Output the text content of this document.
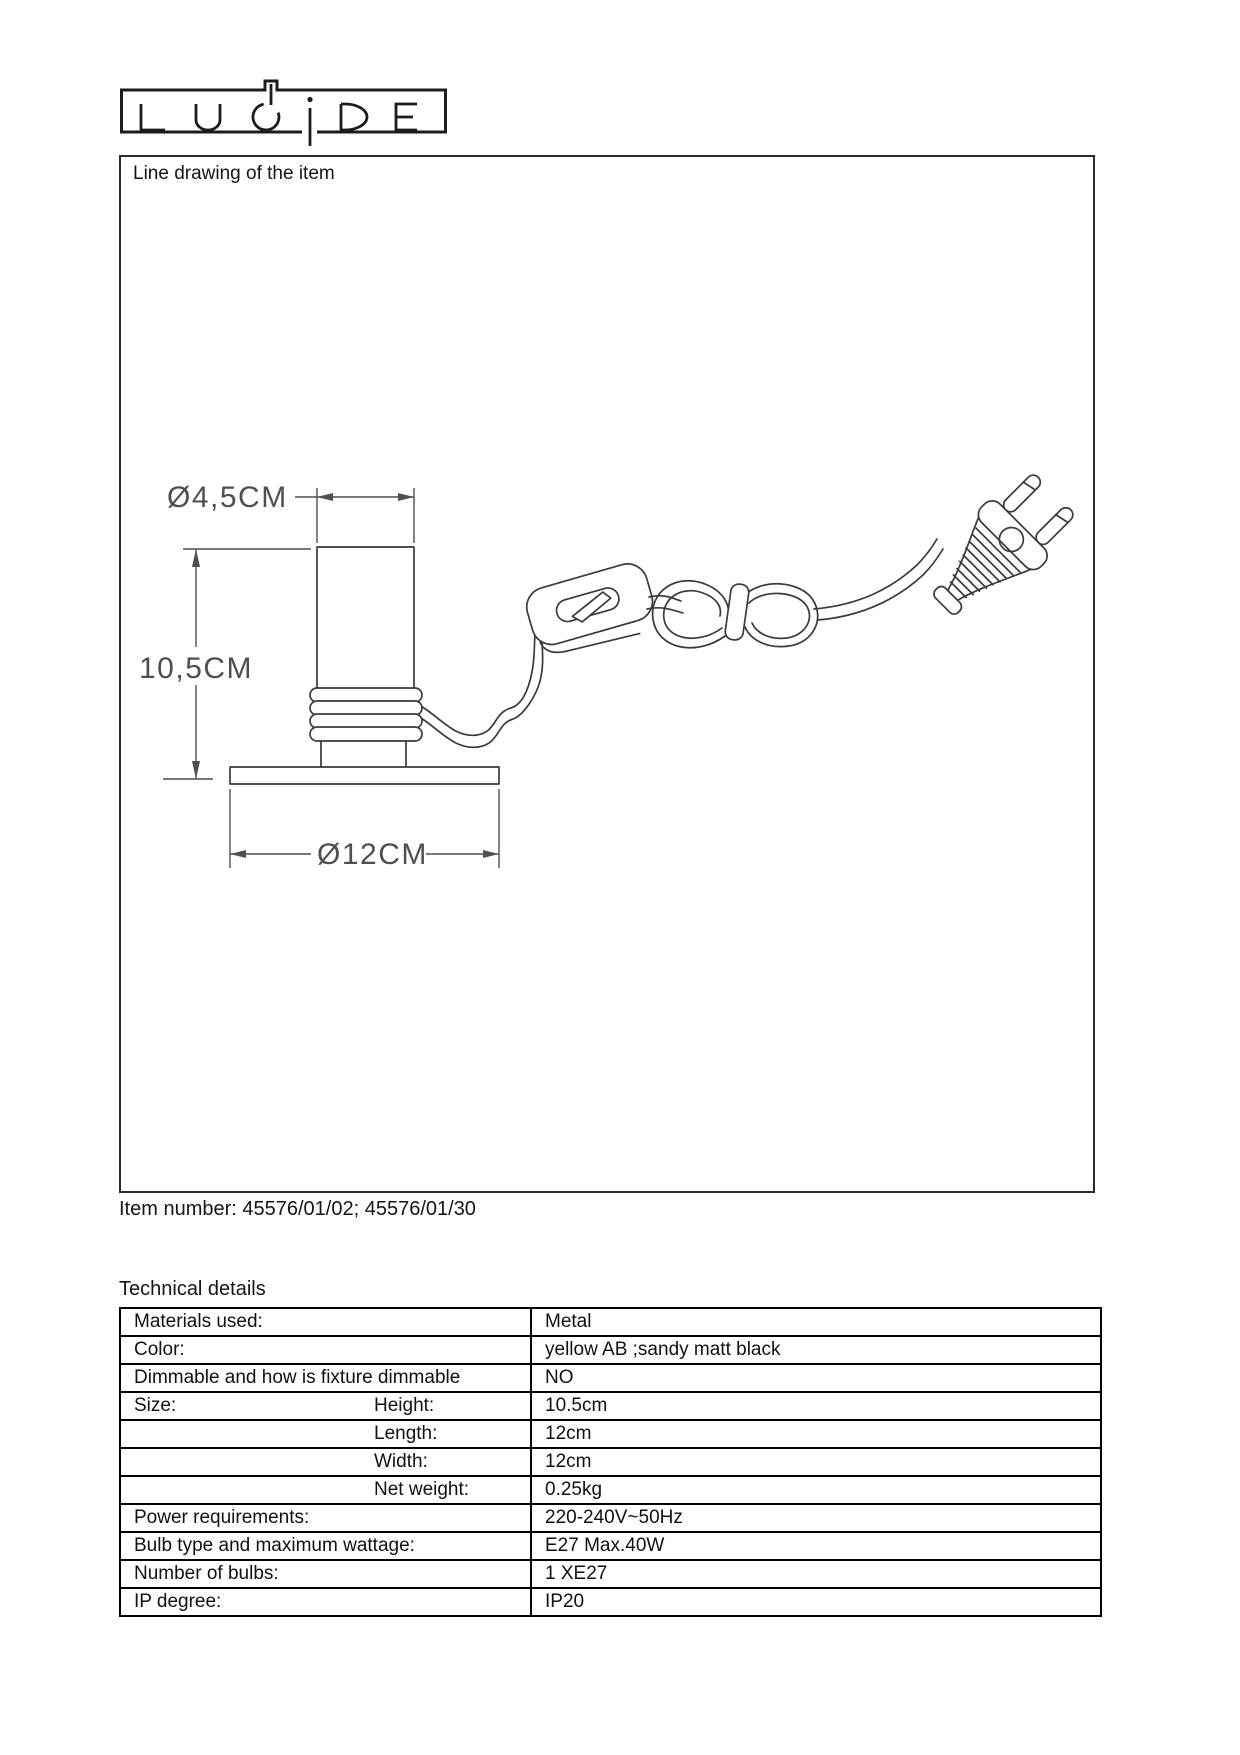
Line drawing of the item
Ø4,5CM
10,5CM
Ø12CM
Item number: 45576/01/02; 45576/01/30
Technical details
Materials used:	Metal
Color:	yellow AB ;sandy matt black
Dimmable and how is fixture dimmable	NO
Size: Height:	10.5cm

Length:	12cm

Width:	12cm

Net weight:	0.25kg
Power requirements:	220-240V~50Hz
Bulb type and maximum wattage:	E27 Max.40W
Number of bulbs:	1 XE27
IP degree:	IP20
